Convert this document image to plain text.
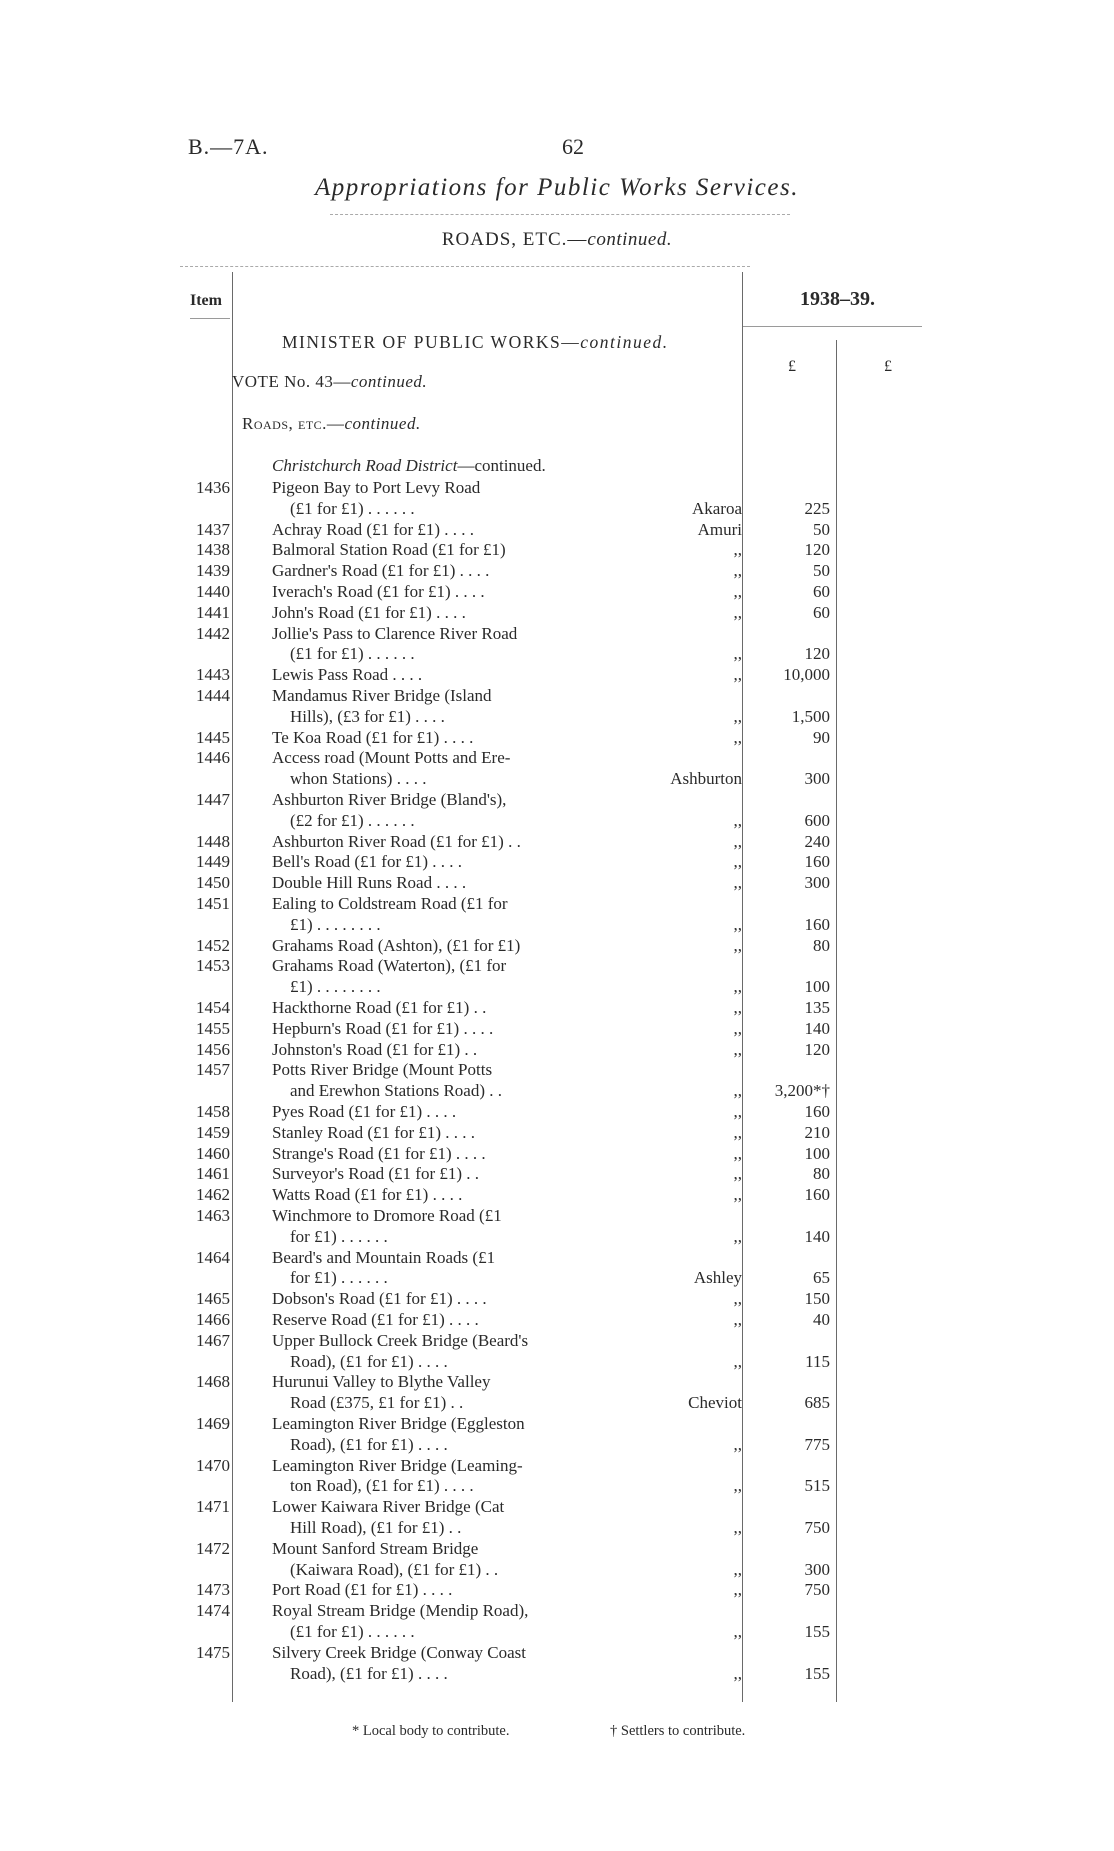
B.—7A.	62
Appropriations for Public Works Services.
ROADS, ETC.—continued.
Item	1938–39.
£	£
MINISTER OF PUBLIC WORKS—continued.
VOTE No. 43—continued.
Roads, etc.—continued.
Christchurch Road District—continued.
1436 Pigeon Bay to Port Levy Road
(£1 for £1) . . . . . .	Akaroa	225
1437 Achray Road (£1 for £1) . . . .	Amuri	50
1438 Balmoral Station Road (£1 for £1)	,,	120
1439 Gardner's Road (£1 for £1) . . . .	,,	50
1440 Iverach's Road (£1 for £1) . . . .	,,	60
1441 John's Road (£1 for £1) . . . .	,,	60
1442 Jollie's Pass to Clarence River Road
(£1 for £1) . . . . . .	,,	120
1443 Lewis Pass Road . . . .	,,	10,000
1444 Mandamus River Bridge (Island
Hills), (£3 for £1) . . . .	,,	1,500
1445 Te Koa Road (£1 for £1) . . . .	,,	90
1446 Access road (Mount Potts and Ere-
whon Stations) . . . .	Ashburton	300
1447 Ashburton River Bridge (Bland's),
(£2 for £1) . . . . . .	,,	600
1448 Ashburton River Road (£1 for £1) . .	,,	240
1449 Bell's Road (£1 for £1) . . . .	,,	160
1450 Double Hill Runs Road . . . .	,,	300
1451 Ealing to Coldstream Road (£1 for
£1) . . . . . . . .	,,	160
1452 Grahams Road (Ashton), (£1 for £1)	,,	80
1453 Grahams Road (Waterton), (£1 for
£1) . . . . . . . .	,,	100
1454 Hackthorne Road (£1 for £1) . .	,,	135
1455 Hepburn's Road (£1 for £1) . . . .	,,	140
1456 Johnston's Road (£1 for £1) . .	,,	120
1457 Potts River Bridge (Mount Potts
and Erewhon Stations Road) . .	,,	3,200*†
1458 Pyes Road (£1 for £1) . . . .	,,	160
1459 Stanley Road (£1 for £1) . . . .	,,	210
1460 Strange's Road (£1 for £1) . . . .	,,	100
1461 Surveyor's Road (£1 for £1) . .	,,	80
1462 Watts Road (£1 for £1) . . . .	,,	160
1463 Winchmore to Dromore Road (£1
for £1) . . . . . .	,,	140
1464 Beard's and Mountain Roads (£1
for £1) . . . . . .	Ashley	65
1465 Dobson's Road (£1 for £1) . . . .	,,	150
1466 Reserve Road (£1 for £1) . . . .	,,	40
1467 Upper Bullock Creek Bridge (Beard's
Road), (£1 for £1) . . . .	,,	115
1468 Hurunui Valley to Blythe Valley
Road (£375, £1 for £1) . .	Cheviot	685
1469 Leamington River Bridge (Eggleston
Road), (£1 for £1) . . . .	,,	775
1470 Leamington River Bridge (Leaming-
ton Road), (£1 for £1) . . . .	,,	515
1471 Lower Kaiwara River Bridge (Cat
Hill Road), (£1 for £1) . .	,,	750
1472 Mount Sanford Stream Bridge
(Kaiwara Road), (£1 for £1) . .	,,	300
1473 Port Road (£1 for £1) . . . .	,,	750
1474 Royal Stream Bridge (Mendip Road),
(£1 for £1) . . . . . .	,,	155
1475 Silvery Creek Bridge (Conway Coast
Road), (£1 for £1) . . . .	,,	155
* Local body to contribute.	† Settlers to contribute.
